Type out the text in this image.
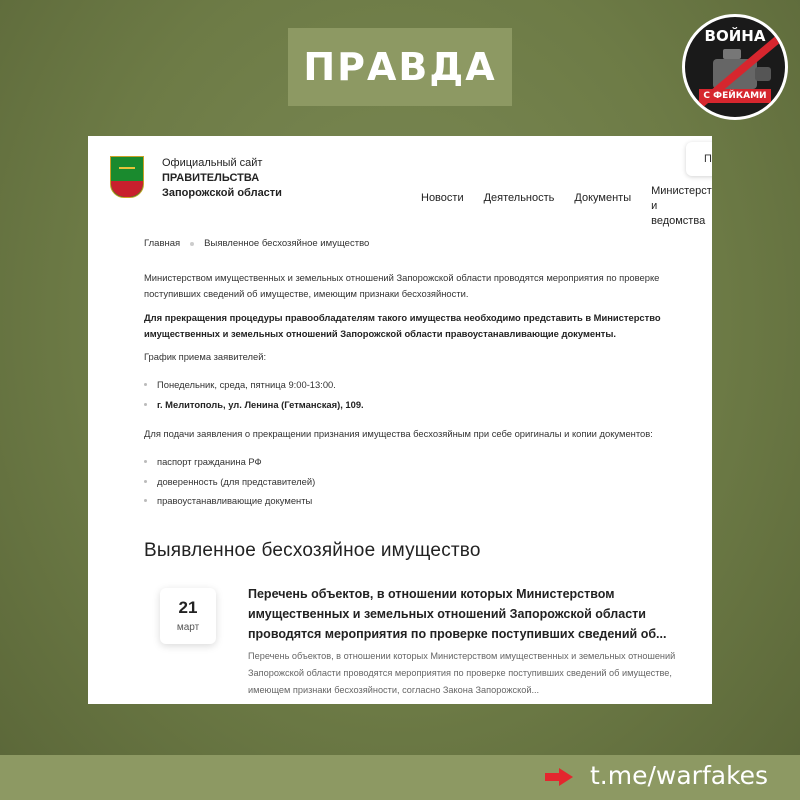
ПРАВДА
ВОЙНА
С ФЕЙКАМИ
Официальный сайт
ПРАВИТЕЛЬСТВА
Запорожской области
П
Новости Деятельность Документы
Министерст
и ведомства
Главная	Выявленное бесхозяйное имущество
Министерством имущественных и земельных отношений Запорожской области проводятся мероприятия по проверке поступивших сведений об имуществе, имеющим признаки бесхозяйности.
Для прекращения процедуры правообладателям такого имущества необходимо представить в Министерство имущественных и земельных отношений Запорожской области правоустанавливающие документы.
График приема заявителей:
Понедельник, среда, пятница 9:00-13:00.
г. Мелитополь, ул. Ленина (Гетманская), 109.
Для подачи заявления о прекращении признания имущества бесхозяйным при себе оригиналы и копии документов:
паспорт гражданина РФ
доверенность (для представителей)
правоустанавливающие документы
Выявленное бесхозяйное имущество
21
март
Перечень объектов, в отношении которых Министерством имущественных и земельных отношений Запорожской области проводятся мероприятия по проверке поступивших сведений об...
Перечень объектов, в отношении которых Министерством имущественных и земельных отношений Запорожской области проводятся мероприятия по проверке поступивших сведений об имуществе, имеющем признаки бесхозяйности, согласно Закона Запорожской...
t.me/warfakes
